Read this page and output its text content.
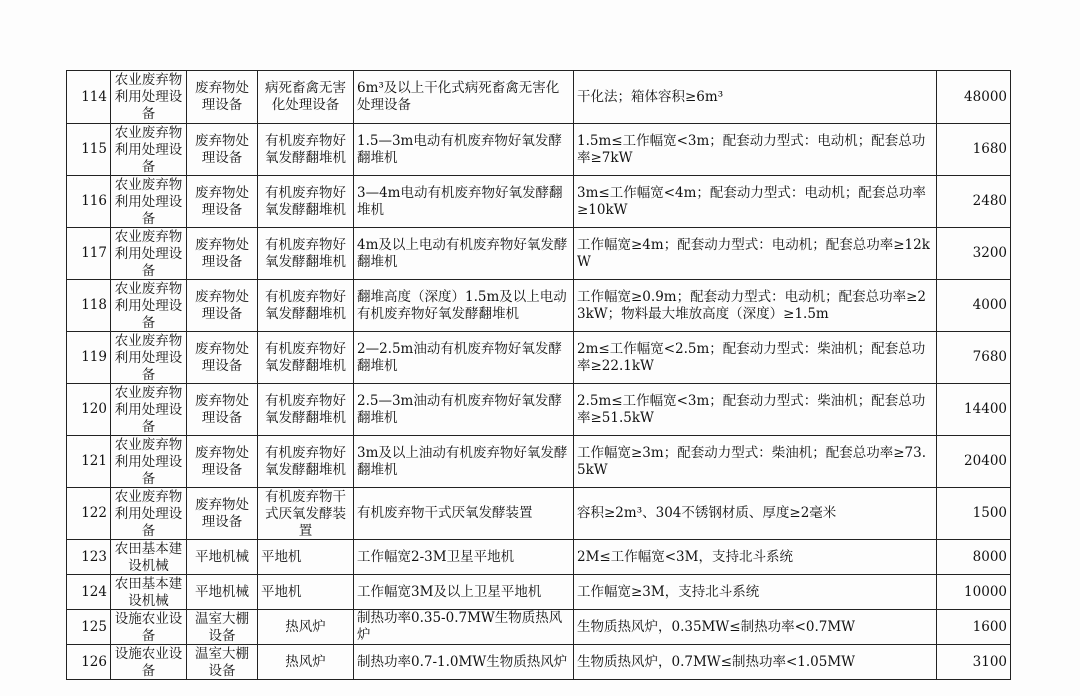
114	农业废弃物利用处理设备	废弃物处理设备	病死畜禽无害化处理设备	6m³及以上干化式病死畜禽无害化处理设备	干化法；箱体容积≥6m³	48000
115	农业废弃物利用处理设备	废弃物处理设备	有机废弃物好氧发酵翻堆机	1.5—3m电动有机废弃物好氧发酵翻堆机	1.5m≤工作幅宽<3m；配套动力型式：电动机；配套总功率≥7kW	1680
116	农业废弃物利用处理设备	废弃物处理设备	有机废弃物好氧发酵翻堆机	3—4m电动有机废弃物好氧发酵翻堆机	3m≤工作幅宽<4m；配套动力型式：电动机；配套总功率≥10kW	2480
117	农业废弃物利用处理设备	废弃物处理设备	有机废弃物好氧发酵翻堆机	4m及以上电动有机废弃物好氧发酵翻堆机	工作幅宽≥4m；配套动力型式：电动机；配套总功率≥12kW	3200
118	农业废弃物利用处理设备	废弃物处理设备	有机废弃物好氧发酵翻堆机	翻堆高度（深度）1.5m及以上电动有机废弃物好氧发酵翻堆机	工作幅宽≥0.9m；配套动力型式：电动机；配套总功率≥23kW；物料最大堆放高度（深度）≥1.5m	4000
119	农业废弃物利用处理设备	废弃物处理设备	有机废弃物好氧发酵翻堆机	2—2.5m油动有机废弃物好氧发酵翻堆机	2m≤工作幅宽<2.5m；配套动力型式：柴油机；配套总功率≥22.1kW	7680
120	农业废弃物利用处理设备	废弃物处理设备	有机废弃物好氧发酵翻堆机	2.5—3m油动有机废弃物好氧发酵翻堆机	2.5m≤工作幅宽<3m；配套动力型式：柴油机；配套总功率≥51.5kW	14400
121	农业废弃物利用处理设备	废弃物处理设备	有机废弃物好氧发酵翻堆机	3m及以上油动有机废弃物好氧发酵翻堆机	工作幅宽≥3m；配套动力型式：柴油机；配套总功率≥73.5kW	20400
122	农业废弃物利用处理设备	废弃物处理设备	有机废弃物干式厌氧发酵装置	有机废弃物干式厌氧发酵装置	容积≥2m³、304不锈钢材质、厚度≥2毫米	1500
123	农田基本建设机械	平地机械	平地机	工作幅宽2-3M卫星平地机	2M≤工作幅宽<3M，支持北斗系统	8000
124	农田基本建设机械	平地机械	平地机	工作幅宽3M及以上卫星平地机	工作幅宽≥3M，支持北斗系统	10000
125	设施农业设备	温室大棚设备	热风炉	制热功率0.35-0.7MW生物质热风炉	生物质热风炉，0.35MW≤制热功率<0.7MW	1600
126	设施农业设备	温室大棚设备	热风炉	制热功率0.7-1.0MW生物质热风炉	生物质热风炉，0.7MW≤制热功率<1.05MW	3100
